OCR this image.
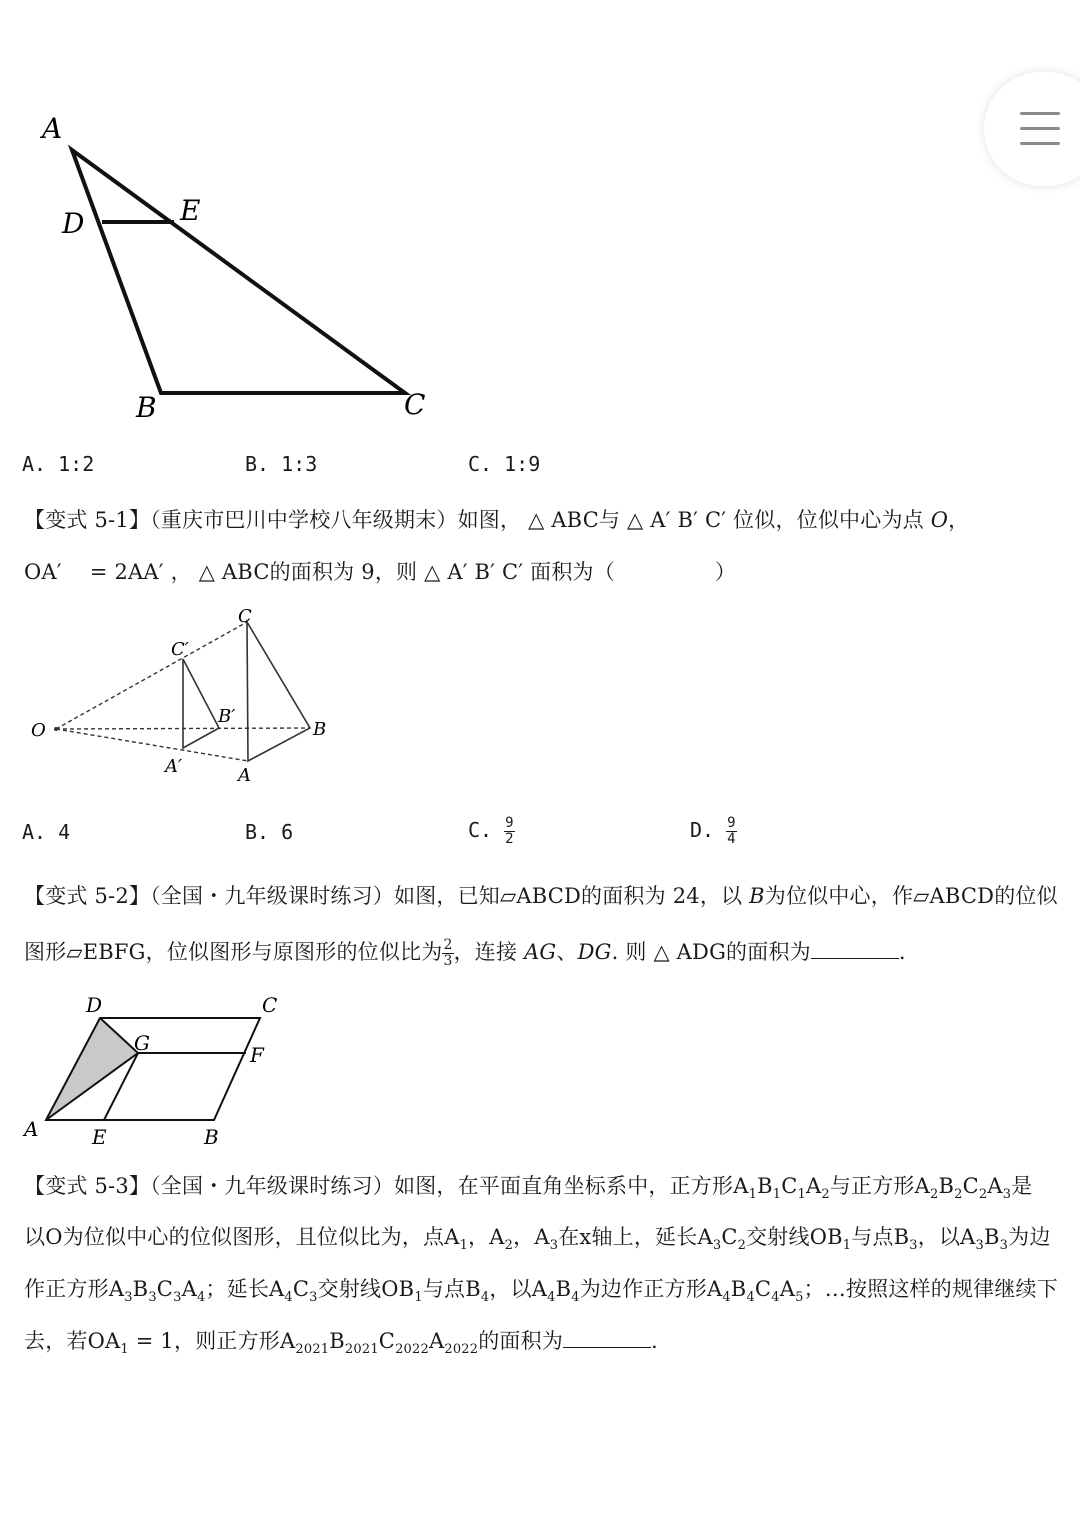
A
D	E
B	C
A. 1:2	B. 1:3	C. 1:9
【变式 5-1】（重庆市巴川中学校八年级期末）如图， △ ABC与 △ A′ B′ C′ 位似，位似中心为点 O，
OA′ 　= 2AA′ ， △ ABC的面积为 9，则 △ A′ B′ C′ 面积为（	）
O
C
B
A
C′
B′
A′
A. 4	B. 6	C. $\frac{9}{2}$	D. $\frac{9}{4}$
【变式 5-2】（全国・九年级课时练习）如图，已知▱ABCD的面积为 24，以 B为位似中心，作▱ABCD的位似
图形▱EBFG，位似图形与原图形的位似比为 $\frac{2}{3}$ ，连接 AG、DG. 则 △ ADG的面积为	.
A	E	B
C
D
G	F
【变式 5-3】（全国・九年级课时练习）如图，在平面直角坐标系中，正方形$A_1B_1C_1A_2$与正方形$A_2B_2C_2A_3$是
以O为位似中心的位似图形，且位似比为，点$A_1$，$A_2$，$A_3$在x轴上，延长$A_3C_2$交射线$OB_1$与点$B_3$，以$A_3B_3$为边
作正方形$A_3B_3C_3A_4$；延长$A_4C_3$交射线$OB_1$与点$B_4$，以$A_4B_4$为边作正方形$A_4B_4C_4A_5$；…按照这样的规律继续下
去，若$OA_1 = 1$，则正方形$A_{2021}B_{2021}C_{2022}A_{2022}$的面积为	.
